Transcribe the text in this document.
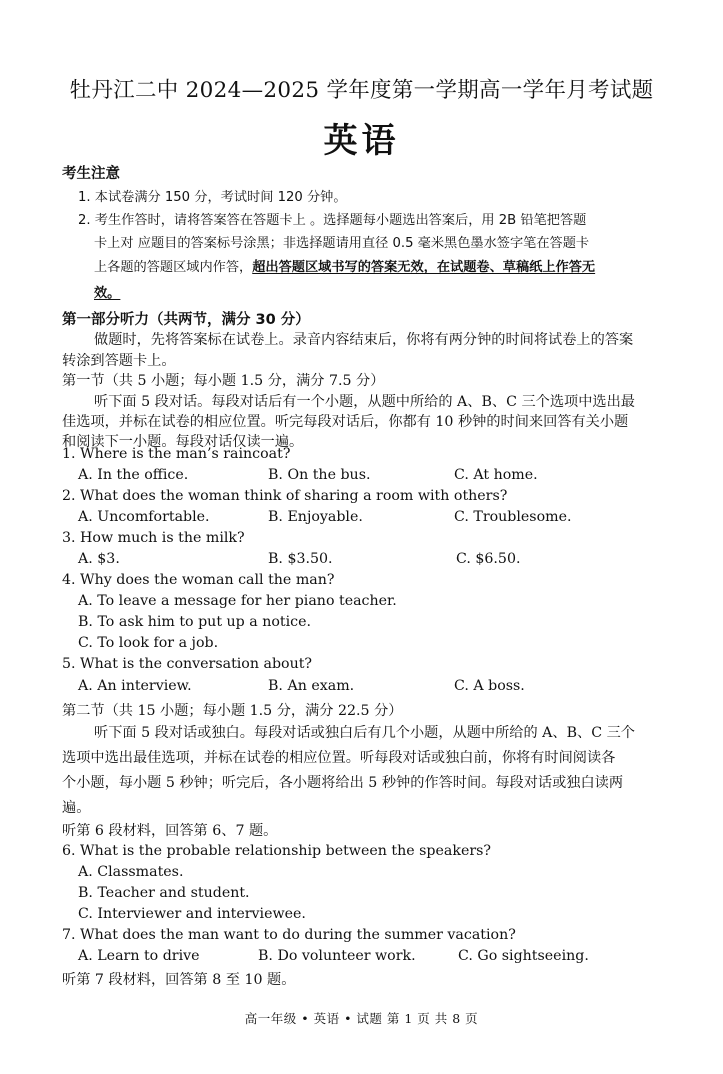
牡丹江二中 2024—2025 学年度第一学期高一学年月考试题
英语
考生注意
1. 本试卷满分 150 分，考试时间 120 分钟。
2. 考生作答时，请将答案答在答题卡上 。选择题每小题选出答案后，用 2B 铅笔把答题
卡上对 应题目的答案标号涂黑；非选择题请用直径 0.5 毫米黑色墨水签字笔在答题卡
上各题的答题区域内作答，超出答题区域书写的答案无效，在试题卷、草稿纸上作答无
效。
第一部分听力（共两节，满分 30 分）
做题时，先将答案标在试卷上。录音内容结束后，你将有两分钟的时间将试卷上的答案
转涂到答题卡上。
第一节（共 5 小题；每小题 1.5 分，满分 7.5 分）
听下面 5 段对话。每段对话后有一个小题，从题中所给的 A、B、C 三个选项中选出最
佳选项，并标在试卷的相应位置。听完每段对话后，你都有 10 秒钟的时间来回答有关小题
和阅读下一小题。每段对话仅读一遍。
1. Where is the man’s raincoat?
A. In the office.	B. On the bus.	C. At home.
2. What does the woman think of sharing a room with others?
A. Uncomfortable.	B. Enjoyable.	C. Troublesome.
3. How much is the milk?
A. $3.	B. $3.50.	C. $6.50.
4. Why does the woman call the man?
A. To leave a message for her piano teacher.
B. To ask him to put up a notice.
C. To look for a job.
5. What is the conversation about?
A. An interview.	B. An exam.	C. A boss.
第二节（共 15 小题；每小题 1.5 分，满分 22.5 分）
听下面 5 段对话或独白。每段对话或独白后有几个小题，从题中所给的 A、B、C 三个
选项中选出最佳选项，并标在试卷的相应位置。听每段对话或独白前，你将有时间阅读各
个小题，每小题 5 秒钟；听完后，各小题将给出 5 秒钟的作答时间。每段对话或独白读两
遍。
听第 6 段材料，回答第 6、7 题。
6. What is the probable relationship between the speakers?
A. Classmates.
B. Teacher and student.
C. Interviewer and interviewee.
7. What does the man want to do during the summer vacation?
A. Learn to drive	B. Do volunteer work.	C. Go sightseeing.
听第 7 段材料，回答第 8 至 10 题。
高一年级 • 英语 • 试题 第 1 页 共 8 页
